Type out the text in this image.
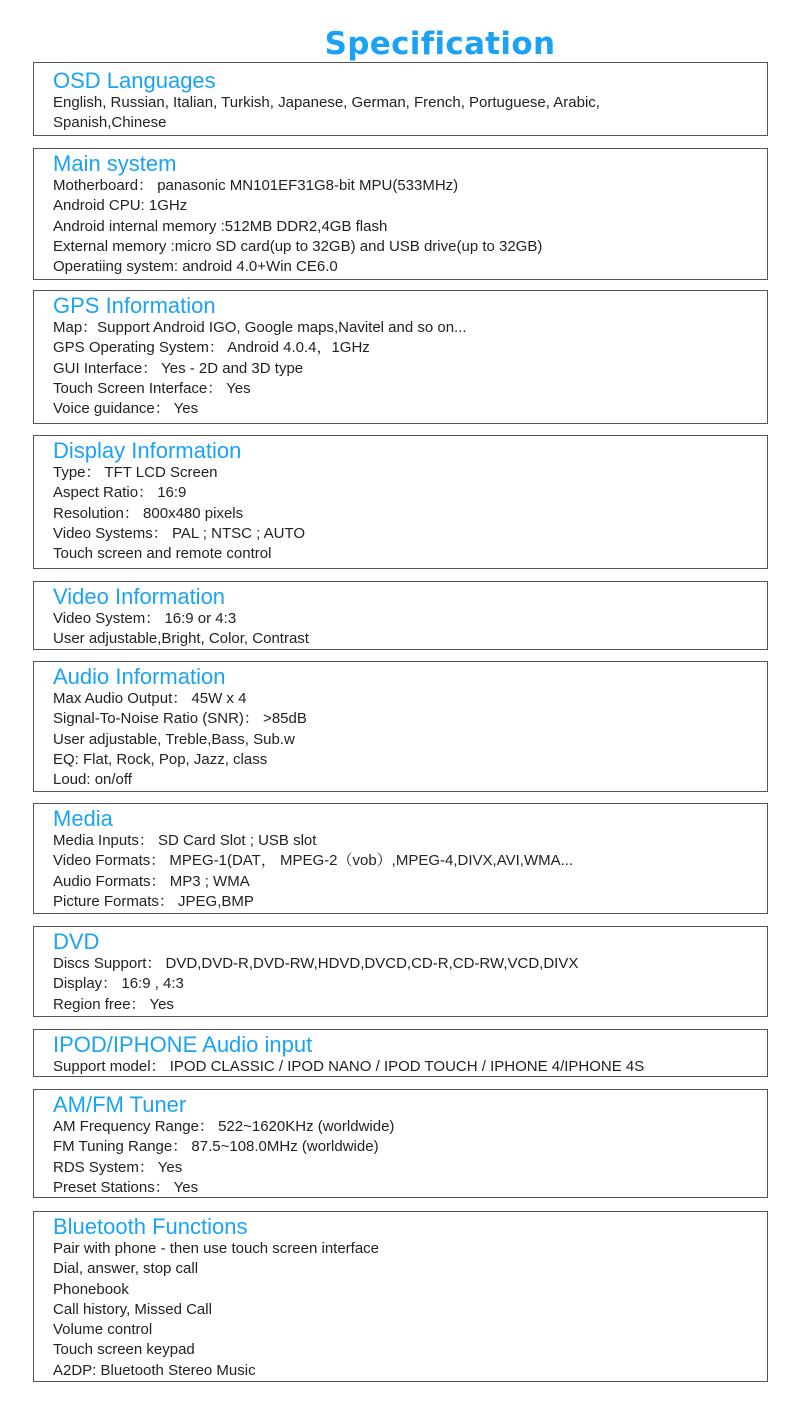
Specification
OSD Languages
English, Russian, Italian, Turkish, Japanese, German, French, Portuguese, Arabic,
Spanish,Chinese
Main system
Motherboard： panasonic MN101EF31G8-bit MPU(533MHz)
Android CPU: 1GHz
Android internal memory :512MB DDR2,4GB flash
External memory :micro SD card(up to 32GB) and USB drive(up to 32GB)
Operatiing system: android 4.0+Win CE6.0
GPS Information
Map：Support Android IGO, Google maps,Navitel and so on...
GPS Operating System： Android 4.0.4，1GHz
GUI Interface： Yes - 2D and 3D type
Touch Screen Interface： Yes
Voice guidance： Yes
Display Information
Type： TFT LCD Screen
Aspect Ratio： 16:9
Resolution： 800x480 pixels
Video Systems： PAL ; NTSC ; AUTO
Touch screen and remote control
Video Information
Video System： 16:9 or 4:3
User adjustable,Bright, Color, Contrast
Audio Information
Max Audio Output： 45W x 4
Signal-To-Noise Ratio (SNR)： >85dB
User adjustable, Treble,Bass, Sub.w
EQ: Flat, Rock, Pop, Jazz, class
Loud: on/off
Media
Media Inputs： SD Card Slot ; USB slot
Video Formats： MPEG-1(DAT， MPEG-2（vob）,MPEG-4,DIVX,AVI,WMA...
Audio Formats： MP3 ; WMA
Picture Formats： JPEG,BMP
DVD
Discs Support： DVD,DVD-R,DVD-RW,HDVD,DVCD,CD-R,CD-RW,VCD,DIVX
Display： 16:9 , 4:3
Region free： Yes
IPOD/IPHONE Audio input
Support model： IPOD CLASSIC / IPOD NANO / IPOD TOUCH / IPHONE 4/IPHONE 4S
AM/FM Tuner
AM Frequency Range： 522~1620KHz (worldwide)
FM Tuning Range： 87.5~108.0MHz (worldwide)
RDS System： Yes
Preset Stations： Yes
Bluetooth Functions
Pair with phone - then use touch screen interface
Dial, answer, stop call
Phonebook
Call history, Missed Call
Volume control
Touch screen keypad
A2DP: Bluetooth Stereo Music
